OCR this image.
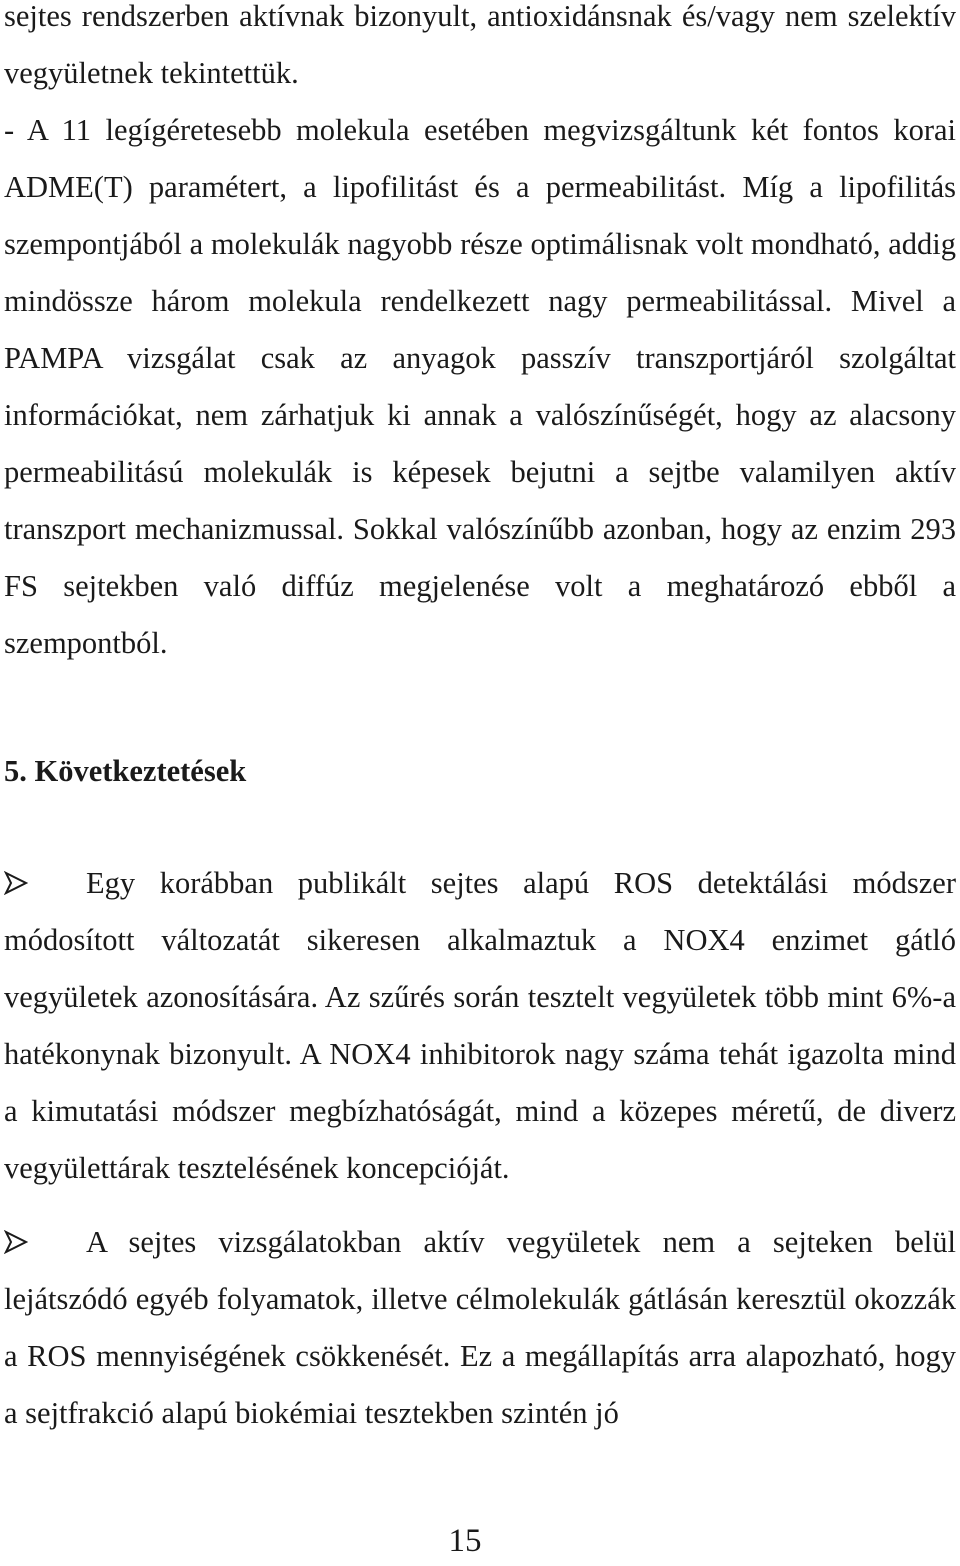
sejtes rendszerben aktívnak bizonyult, antioxidánsnak és/vagy nem szelektív vegyületnek tekintettük.
- A 11 legígéretesebb molekula esetében megvizsgáltunk két fontos korai ADME(T) paramétert, a lipofilitást és a permeabilitást. Míg a lipofilitás szempontjából a molekulák nagyobb része optimálisnak volt mondható, addig mindössze három molekula rendelkezett nagy permeabilitással. Mivel a PAMPA vizsgálat csak az anyagok passzív transzportjáról szolgáltat információkat, nem zárhatjuk ki annak a valószínűségét, hogy az alacsony permeabilitású molekulák is képesek bejutni a sejtbe valamilyen aktív transzport mechanizmussal. Sokkal valószínűbb azonban, hogy az enzim 293 FS sejtekben való diffúz megjelenése volt a meghatározó ebből a szempontból.
5. Következtetések
Egy korábban publikált sejtes alapú ROS detektálási módszer módosított változatát sikeresen alkalmaztuk a NOX4 enzimet gátló vegyületek azonosítására. Az szűrés során tesztelt vegyületek több mint 6%-a hatékonynak bizonyult. A NOX4 inhibitorok nagy száma tehát igazolta mind a kimutatási módszer megbízhatóságát, mind a közepes méretű, de diverz vegyülettárak tesztelésének koncepcióját.
A sejtes vizsgálatokban aktív vegyületek nem a sejteken belül lejátszódó egyéb folyamatok, illetve célmolekulák gátlásán keresztül okozzák a ROS mennyiségének csökkenését. Ez a megállapítás arra alapozható, hogy a sejtfrakció alapú biokémiai tesztekben szintén jó
15
